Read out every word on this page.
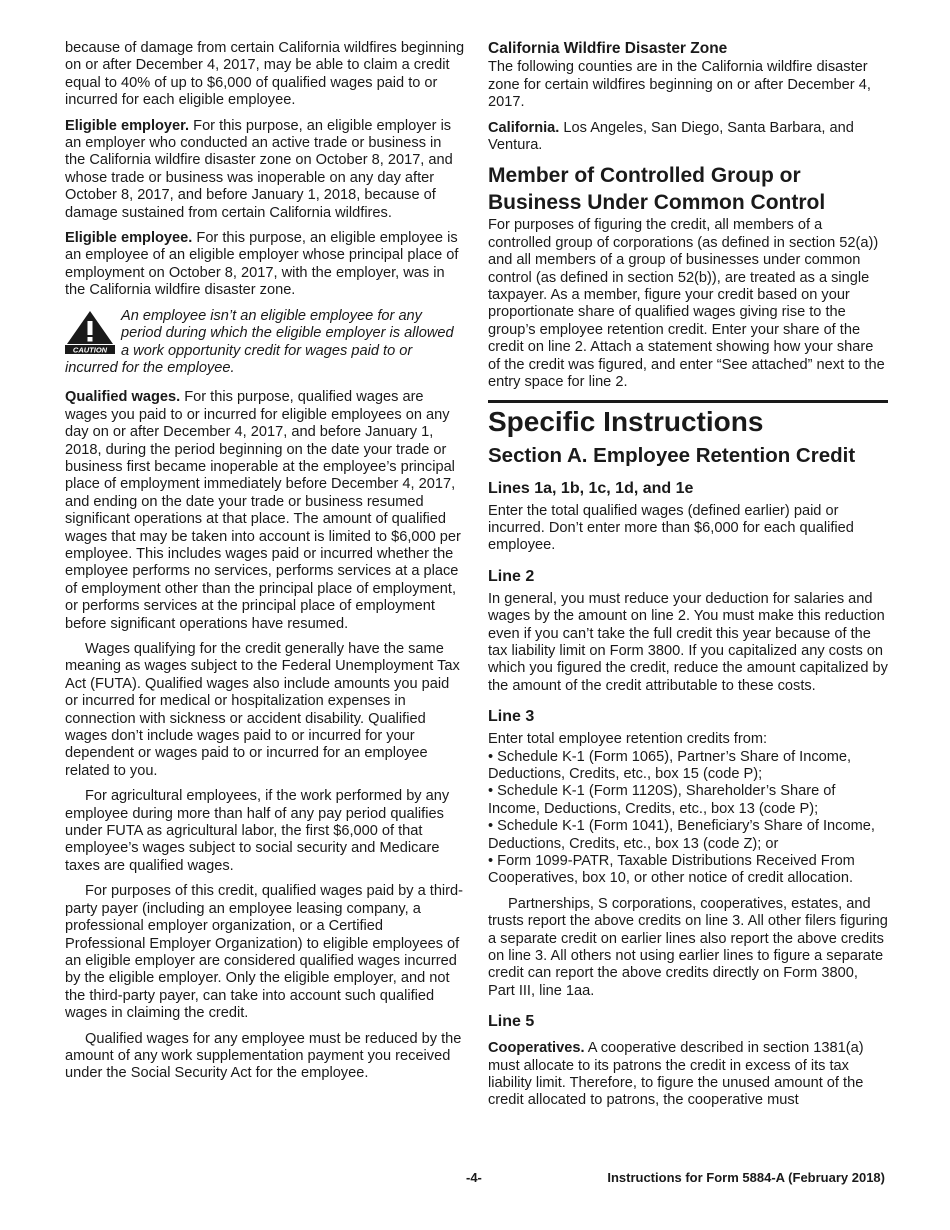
because of damage from certain California wildfires beginning on or after December 4, 2017, may be able to claim a credit equal to 40% of up to $6,000 of qualified wages paid to or incurred for each eligible employee.

Eligible employer. For this purpose, an eligible employer is an employer who conducted an active trade or business in the California wildfire disaster zone on October 8, 2017, and whose trade or business was inoperable on any day after October 8, 2017, and before January 1, 2018, because of damage sustained from certain California wildfires.

Eligible employee. For this purpose, an eligible employee is an employee of an eligible employer whose principal place of employment on October 8, 2017, with the employer, was in the California wildfire disaster zone.

CAUTION
An employee isn’t an eligible employee for any period during which the eligible employer is allowed a work opportunity credit for wages paid to or incurred for the employee.

Qualified wages. For this purpose, qualified wages are wages you paid to or incurred for eligible employees on any day on or after December 4, 2017, and before January 1, 2018, during the period beginning on the date your trade or business first became inoperable at the employee’s principal place of employment immediately before December 4, 2017, and ending on the date your trade or business resumed significant operations at that place. The amount of qualified wages that may be taken into account is limited to $6,000 per employee. This includes wages paid or incurred whether the employee performs no services, performs services at a place of employment other than the principal place of employment, or performs services at the principal place of employment before significant operations have resumed.

Wages qualifying for the credit generally have the same meaning as wages subject to the Federal Unemployment Tax Act (FUTA). Qualified wages also include amounts you paid or incurred for medical or hospitalization expenses in connection with sickness or accident disability. Qualified wages don’t include wages paid to or incurred for your dependent or wages paid to or incurred for an employee related to you.

For agricultural employees, if the work performed by any employee during more than half of any pay period qualifies under FUTA as agricultural labor, the first $6,000 of that employee’s wages subject to social security and Medicare taxes are qualified wages.

For purposes of this credit, qualified wages paid by a third-party payer (including an employee leasing company, a professional employer organization, or a Certified Professional Employer Organization) to eligible employees of an eligible employer are considered qualified wages incurred by the eligible employer. Only the eligible employer, and not the third-party payer, can take into account such qualified wages in claiming the credit.

Qualified wages for any employee must be reduced by the amount of any work supplementation payment you received under the Social Security Act for the employee.

California Wildfire Disaster Zone

The following counties are in the California wildfire disaster zone for certain wildfires beginning on or after December 4, 2017.

California. Los Angeles, San Diego, Santa Barbara, and Ventura.

Member of Controlled Group or Business Under Common Control

For purposes of figuring the credit, all members of a controlled group of corporations (as defined in section 52(a)) and all members of a group of businesses under common control (as defined in section 52(b)), are treated as a single taxpayer. As a member, figure your credit based on your proportionate share of qualified wages giving rise to the group’s employee retention credit. Enter your share of the credit on line 2. Attach a statement showing how your share of the credit was figured, and enter “See attached” next to the entry space for line 2.

Specific Instructions
Section A. Employee Retention Credit
Lines 1a, 1b, 1c, 1d, and 1e

Enter the total qualified wages (defined earlier) paid or incurred. Don’t enter more than $6,000 for each qualified employee.

Line 2

In general, you must reduce your deduction for salaries and wages by the amount on line 2. You must make this reduction even if you can’t take the full credit this year because of the tax liability limit on Form 3800. If you capitalized any costs on which you figured the credit, reduce the amount capitalized by the amount of the credit attributable to these costs.

Line 3
Enter total employee retention credits from:
• Schedule K-1 (Form 1065), Partner’s Share of Income, Deductions, Credits, etc., box 15 (code P);
• Schedule K-1 (Form 1120S), Shareholder’s Share of Income, Deductions, Credits, etc., box 13 (code P);
• Schedule K-1 (Form 1041), Beneficiary’s Share of Income, Deductions, Credits, etc., box 13 (code Z); or
• Form 1099-PATR, Taxable Distributions Received From Cooperatives, box 10, or other notice of credit allocation.

Partnerships, S corporations, cooperatives, estates, and trusts report the above credits on line 3. All other filers figuring a separate credit on earlier lines also report the above credits on line 3. All others not using earlier lines to figure a separate credit can report the above credits directly on Form 3800, Part III, line 1aa.

Line 5

Cooperatives. A cooperative described in section 1381(a) must allocate to its patrons the credit in excess of its tax liability limit. Therefore, to figure the unused amount of the credit allocated to patrons, the cooperative must

-4-	Instructions for Form 5884-A (February 2018)
